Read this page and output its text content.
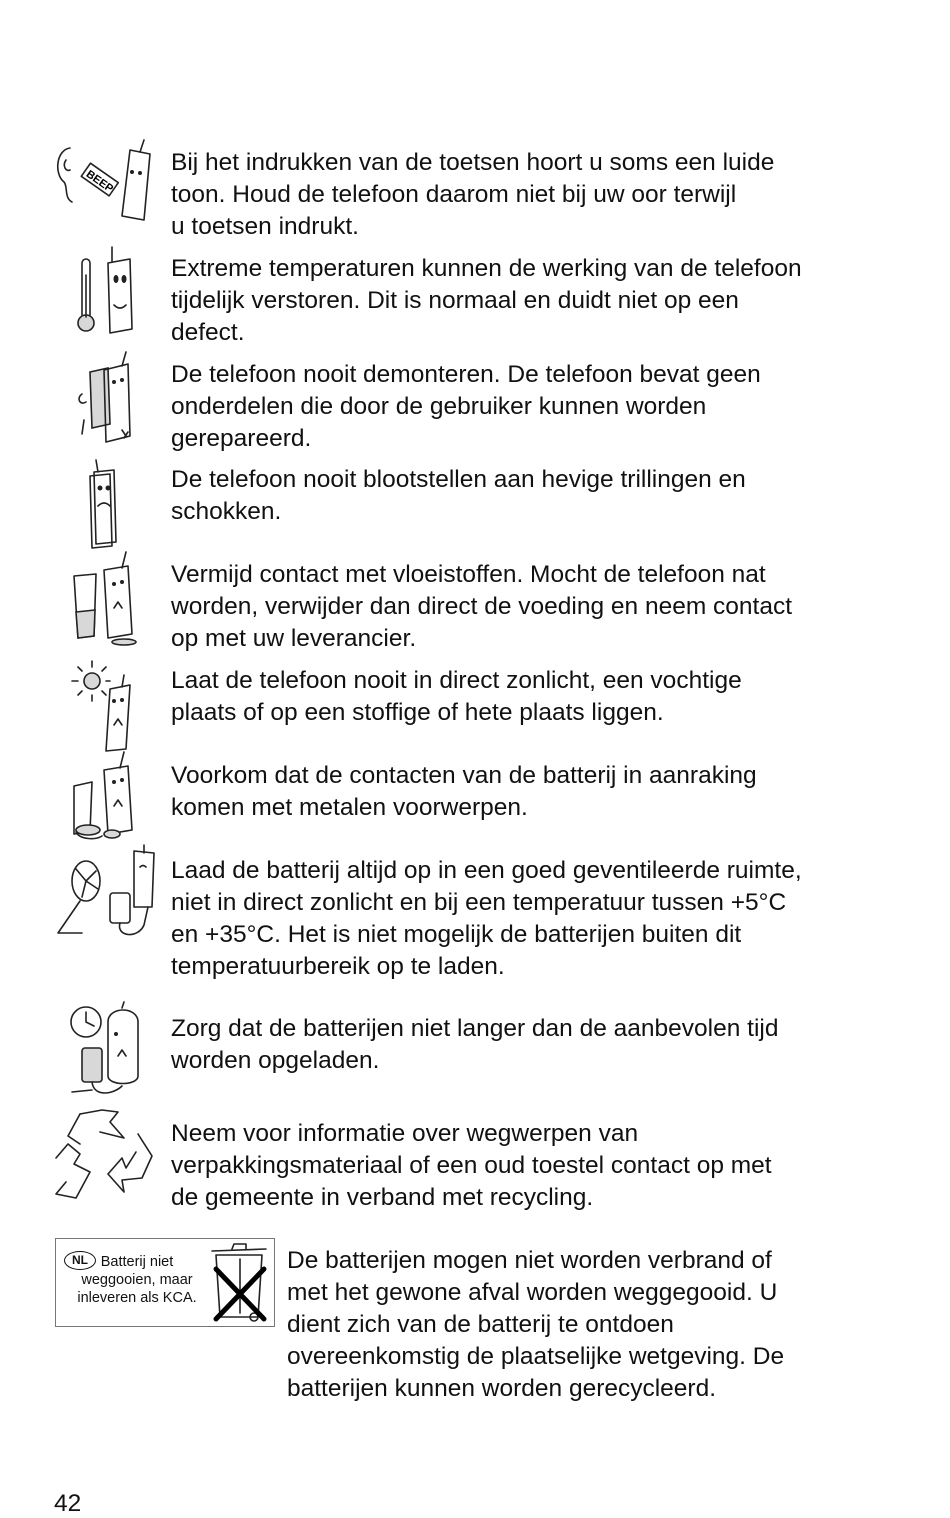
BEEP

Bij het indrukken van de toetsen hoort u soms een luide
toon. Houd de telefoon daarom niet bij uw oor terwijl
u toetsen indrukt.

Extreme temperaturen kunnen de werking van de telefoon
tijdelijk verstoren. Dit is normaal en duidt niet op een
defect.

De telefoon nooit demonteren. De telefoon bevat geen
onderdelen die door de gebruiker kunnen worden
gerepareerd.

De telefoon nooit blootstellen aan hevige trillingen en
schokken.

Vermijd contact met vloeistoffen. Mocht de telefoon nat
worden, verwijder dan direct de voeding en neem contact
op met uw leverancier.

Laat de telefoon nooit in direct zonlicht, een vochtige
plaats of op een stoffige of hete plaats liggen.

Voorkom dat de contacten van de batterij in aanraking
komen met metalen voorwerpen.

Laad de batterij altijd op in een goed geventileerde ruimte,
niet in direct zonlicht en bij een temperatuur tussen +5°C
en +35°C. Het is niet mogelijk de batterijen buiten dit
temperatuurbereik op te laden.

Zorg dat de batterijen niet langer dan de aanbevolen tijd
worden opgeladen.

Neem voor informatie over wegwerpen van
verpakkingsmateriaal of een oud toestel contact op met
de gemeente in verband met recycling.

NL Batterij niet
weggooien, maar
inleveren als KCA.

De batterijen mogen niet worden verbrand of
met het gewone afval worden weggegooid. U
dient zich van de batterij te ontdoen
overeenkomstig de plaatselijke wetgeving. De
batterijen kunnen worden gerecycleerd.

42
